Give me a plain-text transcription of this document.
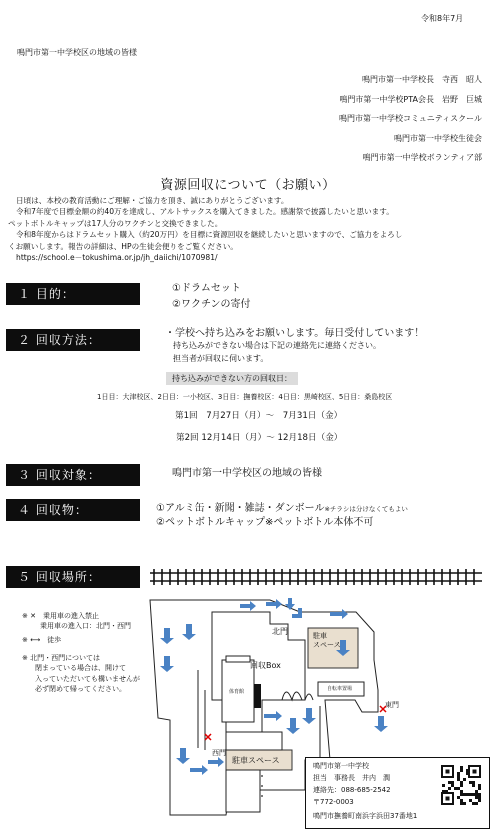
令和8年7月
鳴門市第一中学校区の地域の皆様
鳴門市第一中学校長　寺西　昭人
鳴門市第一中学校PTA会長　岩野　巨城
鳴門市第一中学校コミュニティスクール
鳴門市第一中学校生徒会
鳴門市第一中学校ボランティア部
資源回収について（お願い）
日頃は、本校の教育活動にご理解・ご協力を頂き、誠にありがとうございます。
令和7年度で目標金額の約40万を達成し、アルトサックスを購入てきました。感謝祭で披露したいと思います。
ペットボトルキャップは17人分のワクチンと交換できました。
令和8年度からはドラムセット購入（約20万円）を目標に資源回収を継続したいと思いますので、ご協力をよろし
くお願いします。報告の詳細は、HPの生徒会便りをご覧ください。
https://school.e－tokushima.or.jp/jh_daiichi/1070981/
１ 目的：	①ドラムセット
②ワクチンの寄付
２ 回収方法：	・学校へ持ち込みをお願いします。毎日受付しています！
持ち込みができない場合は下記の連絡先に連絡ください。
担当者が回収に伺います。
持ち込みができない方の回収日：
1日目：大津校区、2日目：一小校区、3日目：撫養校区：4日目：黒崎校区、5日目：桑島校区
第1回　7月27日（月）～　7月31日（金）
第2回 12月14日（月）～ 12月18日（金）
３ 回収対象：	鳴門市第一中学校区の地域の皆様
４ 回収物：	①アルミ缶・新聞・雑誌・ダンボール※チラシは分けなくてもよい
②ペットボトルキャップ※ペットボトル本体不可
５ 回収場所：
※ ✕　乗用車の進入禁止
乗用車の進入口：北門・西門
※ ⟷　徒歩
※ 北門・西門については
閉まっている場合は、開けて
入っていただいても構いませんが
必ず閉めて帰ってください。
北門
東門
西門
駐車
スペース
駐車スペース
回収Box
体育館	自転車置場
鳴門市第一中学校
担当　事務長　井内　潤
連絡先：088-685-2542
〒772-0003
鳴門市撫養町南浜字浜田37番地1
